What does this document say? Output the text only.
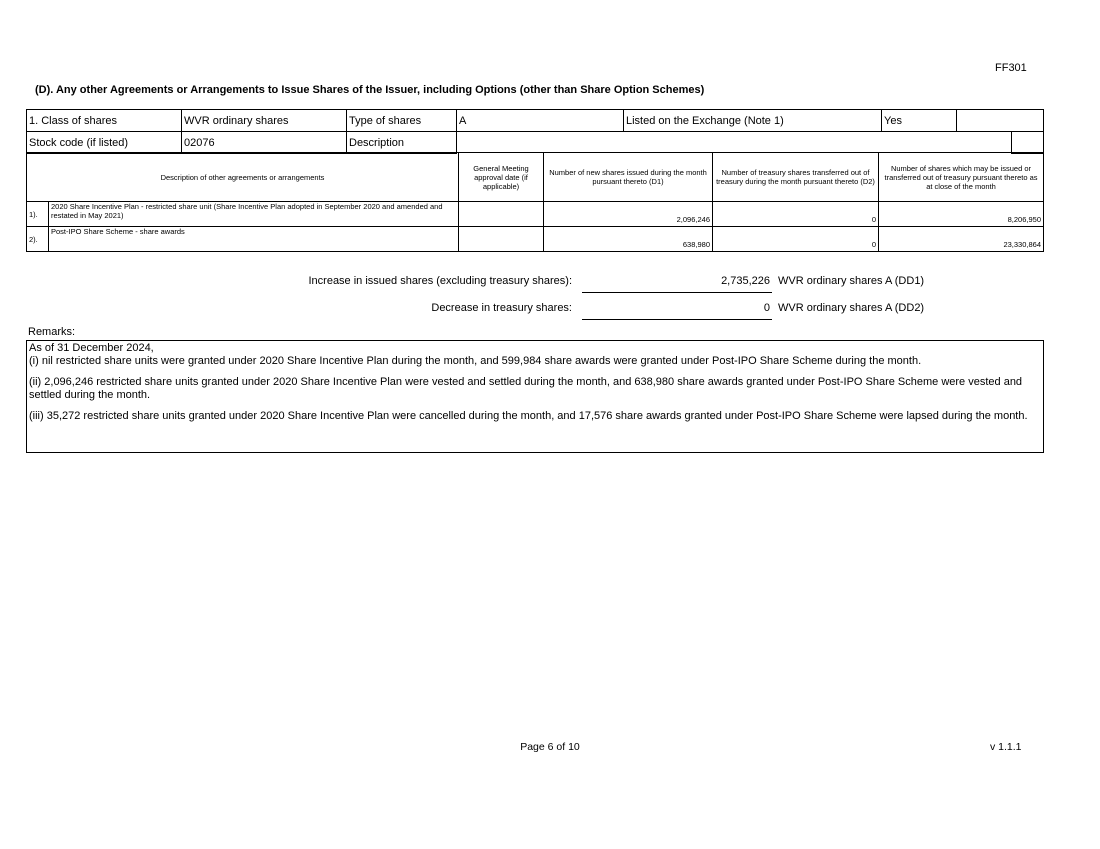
FF301
(D). Any other Agreements or Arrangements to Issue Shares of the Issuer, including Options (other than Share Option Schemes)
1. Class of shares	WVR ordinary shares	Type of shares	A	Listed on the Exchange (Note 1)	Yes		
Stock code (if listed)	02076	Description					
Description of other agreements or arrangements		General Meeting approval date (if applicable)	Number of new shares issued during the month pursuant thereto (D1)	Number of treasury shares transferred out of treasury during the month pursuant thereto (D2)	Number of shares which may be issued or transferred out of treasury pursuant thereto as at close of the month
1).	2020 Share Incentive Plan - restricted share unit (Share Incentive Plan adopted in September 2020 and amended and restated in May 2021)		2,096,246	0	8,206,950
2).	Post-IPO Share Scheme - share awards		638,980	0	23,330,864
Increase in issued shares (excluding treasury shares):	2,735,226 WVR ordinary shares A (DD1)
Decrease in treasury shares:	0 WVR ordinary shares A (DD2)
Remarks:

As of 31 December 2024,

(i) nil restricted share units were granted under 2020 Share Incentive Plan during the month, and 599,984 share awards were granted under Post-IPO Share Scheme during the month.

(ii) 2,096,246 restricted share units granted under 2020 Share Incentive Plan were vested and settled during the month, and 638,980 share awards granted under Post-IPO Share Scheme were vested and settled during the month.

(iii) 35,272 restricted share units granted under 2020 Share Incentive Plan were cancelled during the month, and 17,576 share awards granted under Post-IPO Share Scheme were lapsed during the month.

Page 6 of 10	v 1.1.1
